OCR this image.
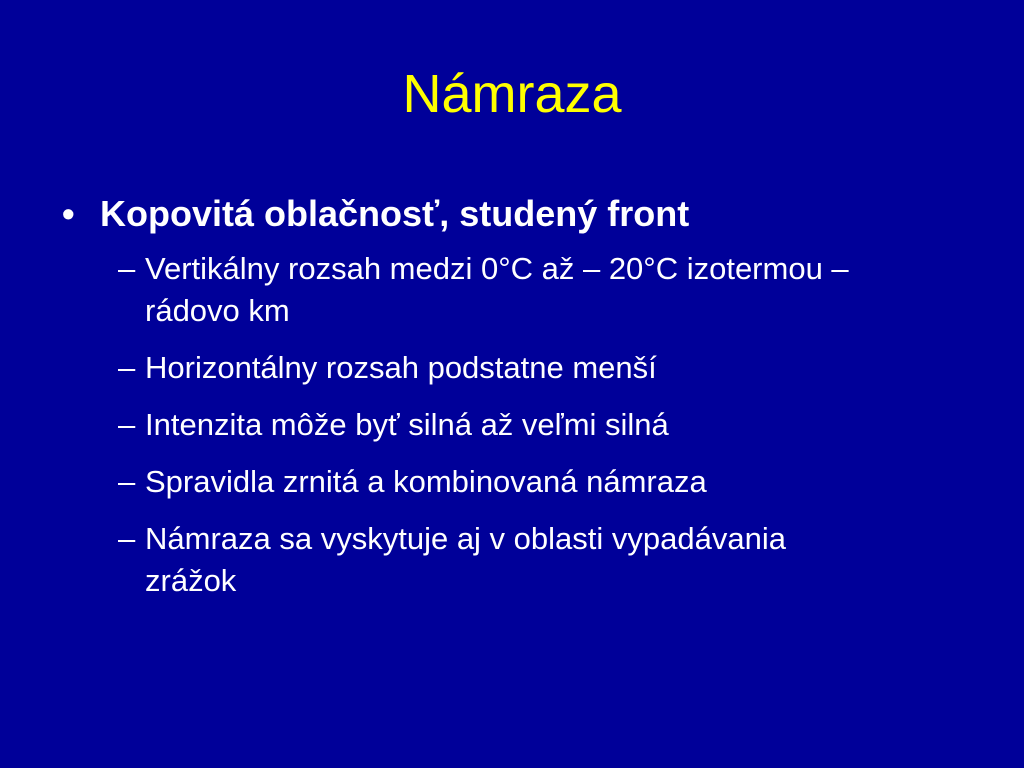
Námraza
• Kopovitá oblačnosť, studený front
– Vertikálny rozsah medzi 0°C až – 20°C izotermou – rádovo km
– Horizontálny rozsah podstatne menší
– Intenzita môže byť silná až veľmi silná
– Spravidla zrnitá a kombinovaná námraza
– Námraza sa vyskytuje aj v oblasti vypadávania zrážok
